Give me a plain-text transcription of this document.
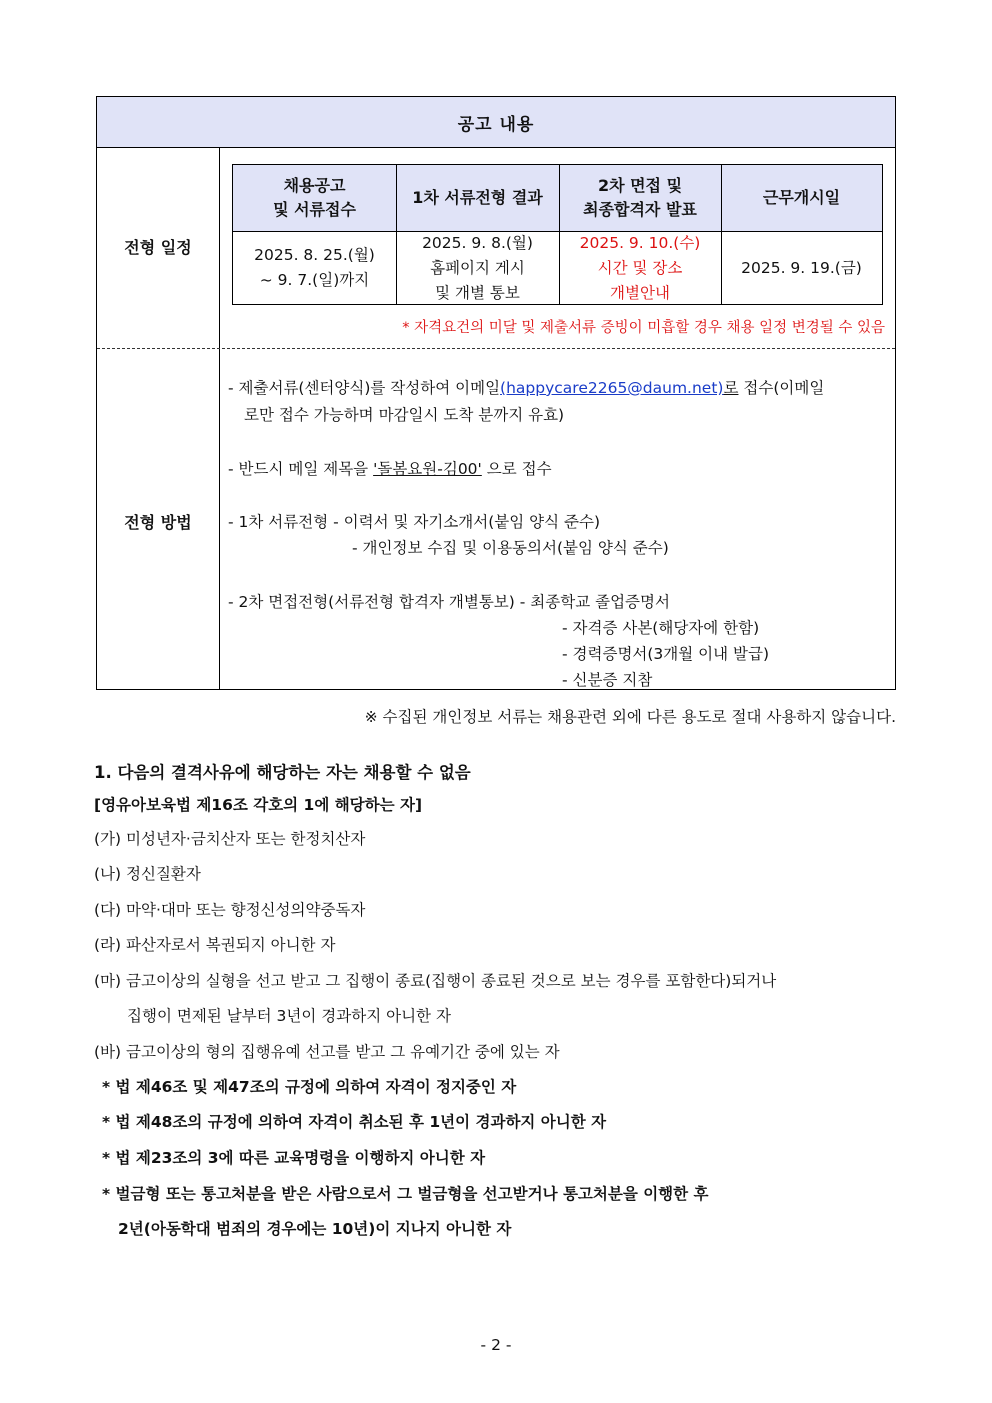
공고 내용
전형 일정
전형 방법
채용공고
및 서류접수
1차 서류전형 결과
2차 면접 및
최종합격자 발표
근무개시일
2025. 8. 25.(월)
~ 9. 7.(일)까지
2025. 9. 8.(월)
홈페이지 게시
및 개별 통보
2025. 9. 10.(수)
시간 및 장소
개별안내
2025. 9. 19.(금)
* 자격요건의 미달 및 제출서류 증빙이 미흡할 경우 채용 일정 변경될 수 있음
- 제출서류(센터양식)를 작성하여 이메일(happycare2265@daum.net)로 접수(이메일
로만 접수 가능하며 마감일시 도착 분까지 유효)
- 반드시 메일 제목을 '돌봄요원-김00' 으로 접수
- 1차 서류전형 - 이력서 및 자기소개서(붙임 양식 준수)
- 개인정보 수집 및 이용동의서(붙임 양식 준수)
- 2차 면접전형(서류전형 합격자 개별통보) - 최종학교 졸업증명서
- 자격증 사본(해당자에 한함)
- 경력증명서(3개월 이내 발급)
- 신분증 지참
※ 수집된 개인정보 서류는 채용관련 외에 다른 용도로 절대 사용하지 않습니다.
1. 다음의 결격사유에 해당하는 자는 채용할 수 없음
[영유아보육법 제16조 각호의 1에 해당하는 자]
(가) 미성년자·금치산자 또는 한정치산자
(나) 정신질환자
(다) 마약·대마 또는 향정신성의약중독자
(라) 파산자로서 복권되지 아니한 자
(마) 금고이상의 실형을 선고 받고 그 집행이 종료(집행이 종료된 것으로 보는 경우를 포함한다)되거나
집행이 면제된 날부터 3년이 경과하지 아니한 자
(바) 금고이상의 형의 집행유예 선고를 받고 그 유예기간 중에 있는 자
* 법 제46조 및 제47조의 규정에 의하여 자격이 정지중인 자
* 법 제48조의 규정에 의하여 자격이 취소된 후 1년이 경과하지 아니한 자
* 법 제23조의 3에 따른 교육명령을 이행하지 아니한 자
* 벌금형 또는 통고처분을 받은 사람으로서 그 벌금형을 선고받거나 통고처분을 이행한 후
2년(아동학대 범죄의 경우에는 10년)이 지나지 아니한 자
- 2 -
